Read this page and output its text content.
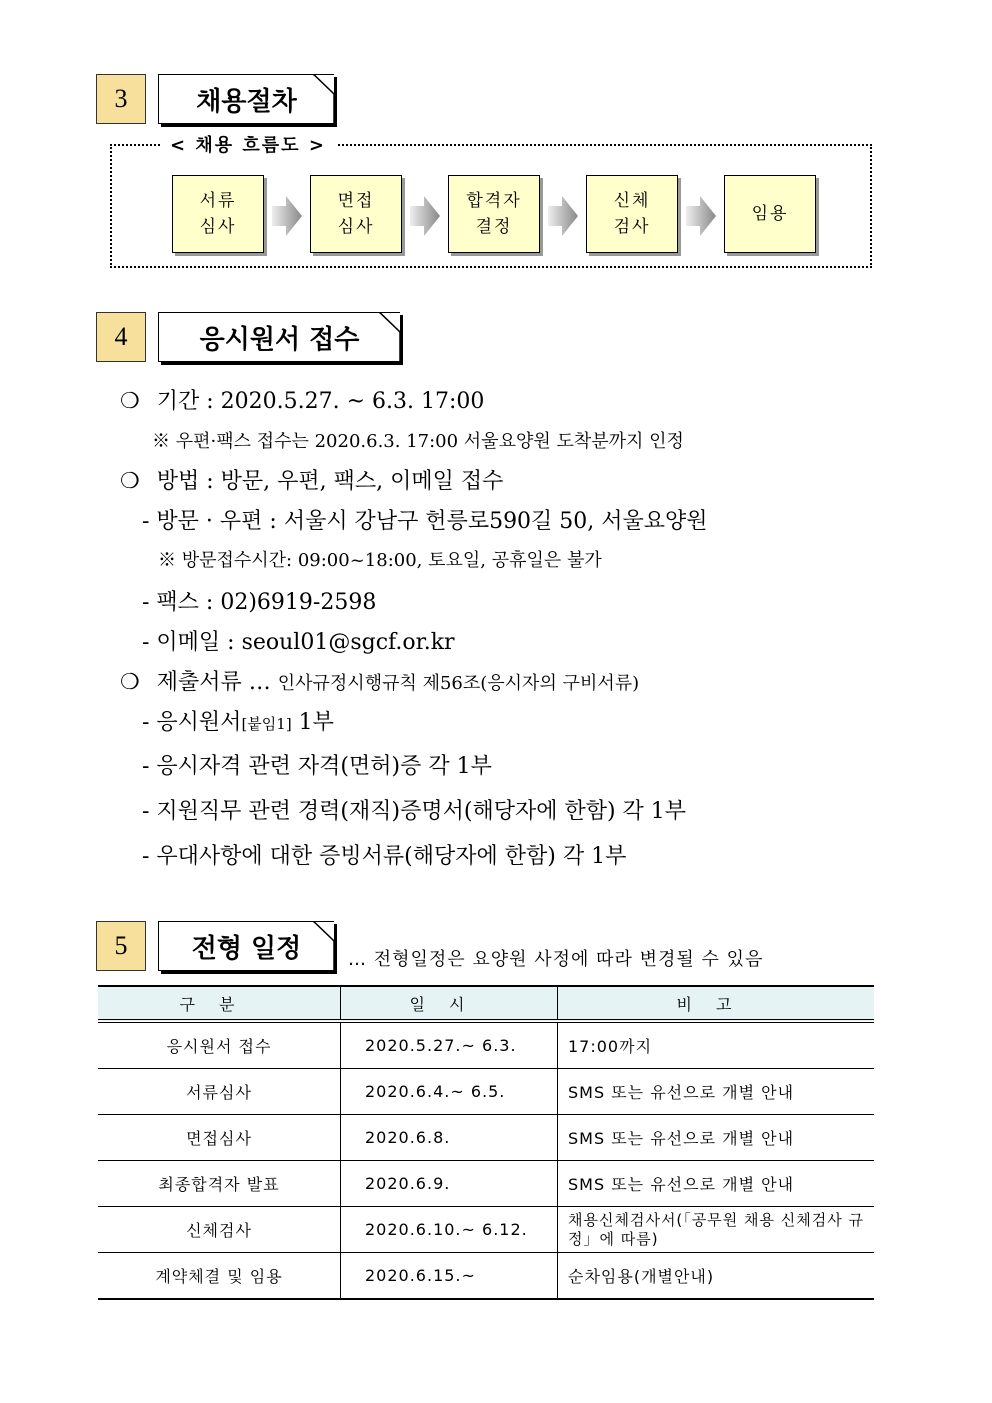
3	채용절차
< 채용 흐름도 >
서류
심사
면접
심사
합격자
결정
신체
검사
임용
4	응시원서 접수
❍ 기간 : 2020.5.27. ~ 6.3. 17:00
※ 우편·팩스 접수는 2020.6.3. 17:00 서울요양원 도착분까지 인정
❍ 방법 : 방문, 우편, 팩스, 이메일 접수
- 방문 · 우편 : 서울시 강남구 헌릉로590길 50, 서울요양원
※ 방문접수시간: 09:00~18:00, 토요일, 공휴일은 불가
- 팩스 : 02)6919-2598
- 이메일 : seoul01@sgcf.or.kr
❍ 제출서류 … 인사규정시행규칙 제56조(응시자의 구비서류)
- 응시원서[붙임1] 1부
- 응시자격 관련 자격(면허)증 각 1부
- 지원직무 관련 경력(재직)증명서(해당자에 한함) 각 1부
- 우대사항에 대한 증빙서류(해당자에 한함) 각 1부
5	전형 일정	… 전형일정은 요양원 사정에 따라 변경될 수 있음
구분	일시	비고
응시원서 접수	2020.5.27.~ 6.3.	17:00까지
서류심사	2020.6.4.~ 6.5.	SMS 또는 유선으로 개별 안내
면접심사	2020.6.8.	SMS 또는 유선으로 개별 안내
최종합격자 발표	2020.6.9.	SMS 또는 유선으로 개별 안내
신체검사	2020.6.10.~ 6.12.	채용신체검사서(「공무원 채용 신체검사 규정」에 따름)
계약체결 및 임용	2020.6.15.~	순차임용(개별안내)
